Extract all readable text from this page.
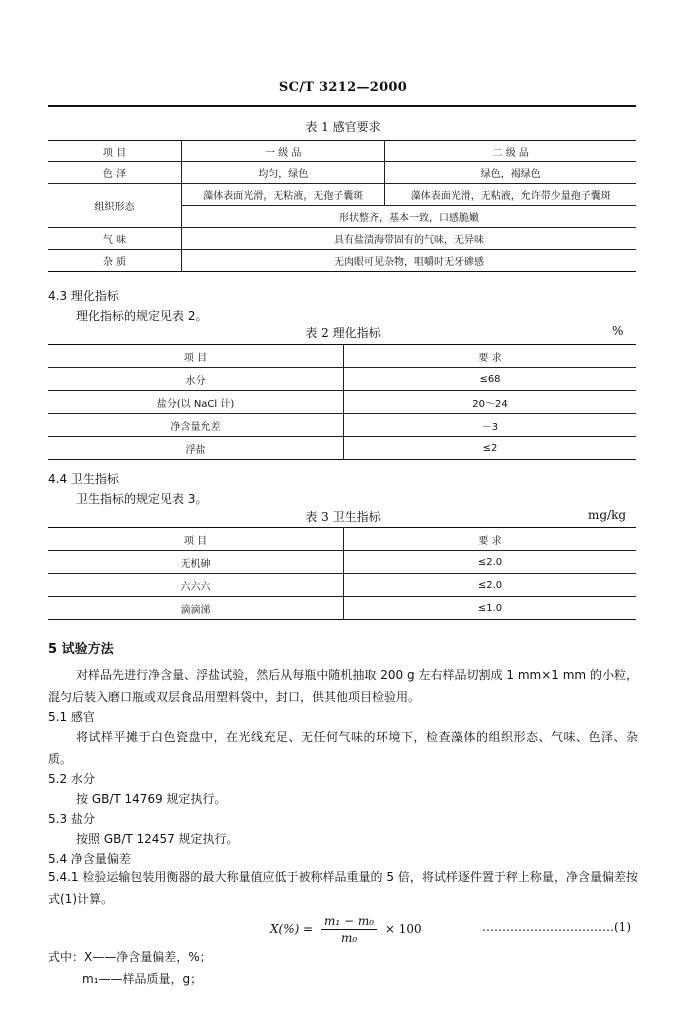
SC/T 3212—2000
表 1 感官要求
项 目	一 级 品	二 级 品
色 泽	均匀，绿色	绿色，褐绿色
组织形态	藻体表面光滑，无粘液，无孢子囊斑	藻体表面光滑，无粘液，允许带少量孢子囊斑
	形状整齐，基本一致，口感脆嫩	
气 味	具有盐渍海带固有的气味，无异味	
杂 质	无肉眼可见杂物，咀嚼时无牙碜感	
4.3 理化指标
理化指标的规定见表 2。
表 2 理化指标	%
项 目	要 求
水分	≤68
盐分(以 NaCl 计)	20～24
净含量允差	－3
浮盐	≤2
4.4 卫生指标
卫生指标的规定见表 3。
表 3 卫生指标	mg/kg
项 目	要 求
无机砷	≤2.0
六六六	≤2.0
滴滴涕	≤1.0
5 试验方法
对样品先进行净含量、浮盐试验，然后从每瓶中随机抽取 200 g 左右样品切割成 1 mm×1 mm 的小粒，混匀后装入磨口瓶或双层食品用塑料袋中，封口，供其他项目检验用。
5.1 感官
将试样平摊于白色瓷盘中，在光线充足、无任何气味的环境下，检查藻体的组织形态、气味、色泽、杂质。
5.2 水分
按 GB/T 14769 规定执行。
5.3 盐分
按照 GB/T 12457 规定执行。
5.4 净含量偏差
5.4.1 检验运输包装用衡器的最大称量值应低于被称样品重量的 5 倍，将试样逐件置于秤上称量，净含量偏差按式(1)计算。
$X(\%) = \frac{\text{m₁ − m₀}}{\text{m₀}} \times 100$	……………………………(1)
式中：X——净含量偏差，%；
m₁——样品质量，g；
